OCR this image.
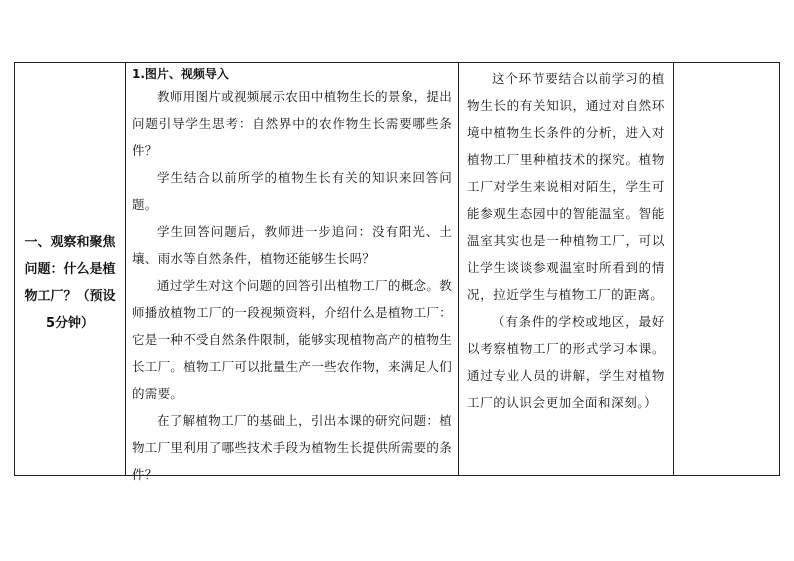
一、观察和聚焦问题：什么是植物工厂？（预设5分钟）
1.图片、视频导入

教师用图片或视频展示农田中植物生长的景象，提出问题引导学生思考：自然界中的农作物生长需要哪些条件？

学生结合以前所学的植物生长有关的知识来回答问题。

学生回答问题后，教师进一步追问：没有阳光、土壤、雨水等自然条件，植物还能够生长吗？

通过学生对这个问题的回答引出植物工厂的概念。教师播放植物工厂的一段视频资料，介绍什么是植物工厂：它是一种不受自然条件限制，能够实现植物高产的植物生长工厂。植物工厂可以批量生产一些农作物，来满足人们的需要。

在了解植物工厂的基础上，引出本课的研究问题：植物工厂里利用了哪些技术手段为植物生长提供所需要的条件？

这个环节要结合以前学习的植物生长的有关知识，通过对自然环境中植物生长条件的分析，进入对植物工厂里种植技术的探究。植物工厂对学生来说相对陌生，学生可能参观生态园中的智能温室。智能温室其实也是一种植物工厂，可以让学生谈谈参观温室时所看到的情况，拉近学生与植物工厂的距离。

（有条件的学校或地区，最好以考察植物工厂的形式学习本课。通过专业人员的讲解，学生对植物工厂的认识会更加全面和深刻。）
